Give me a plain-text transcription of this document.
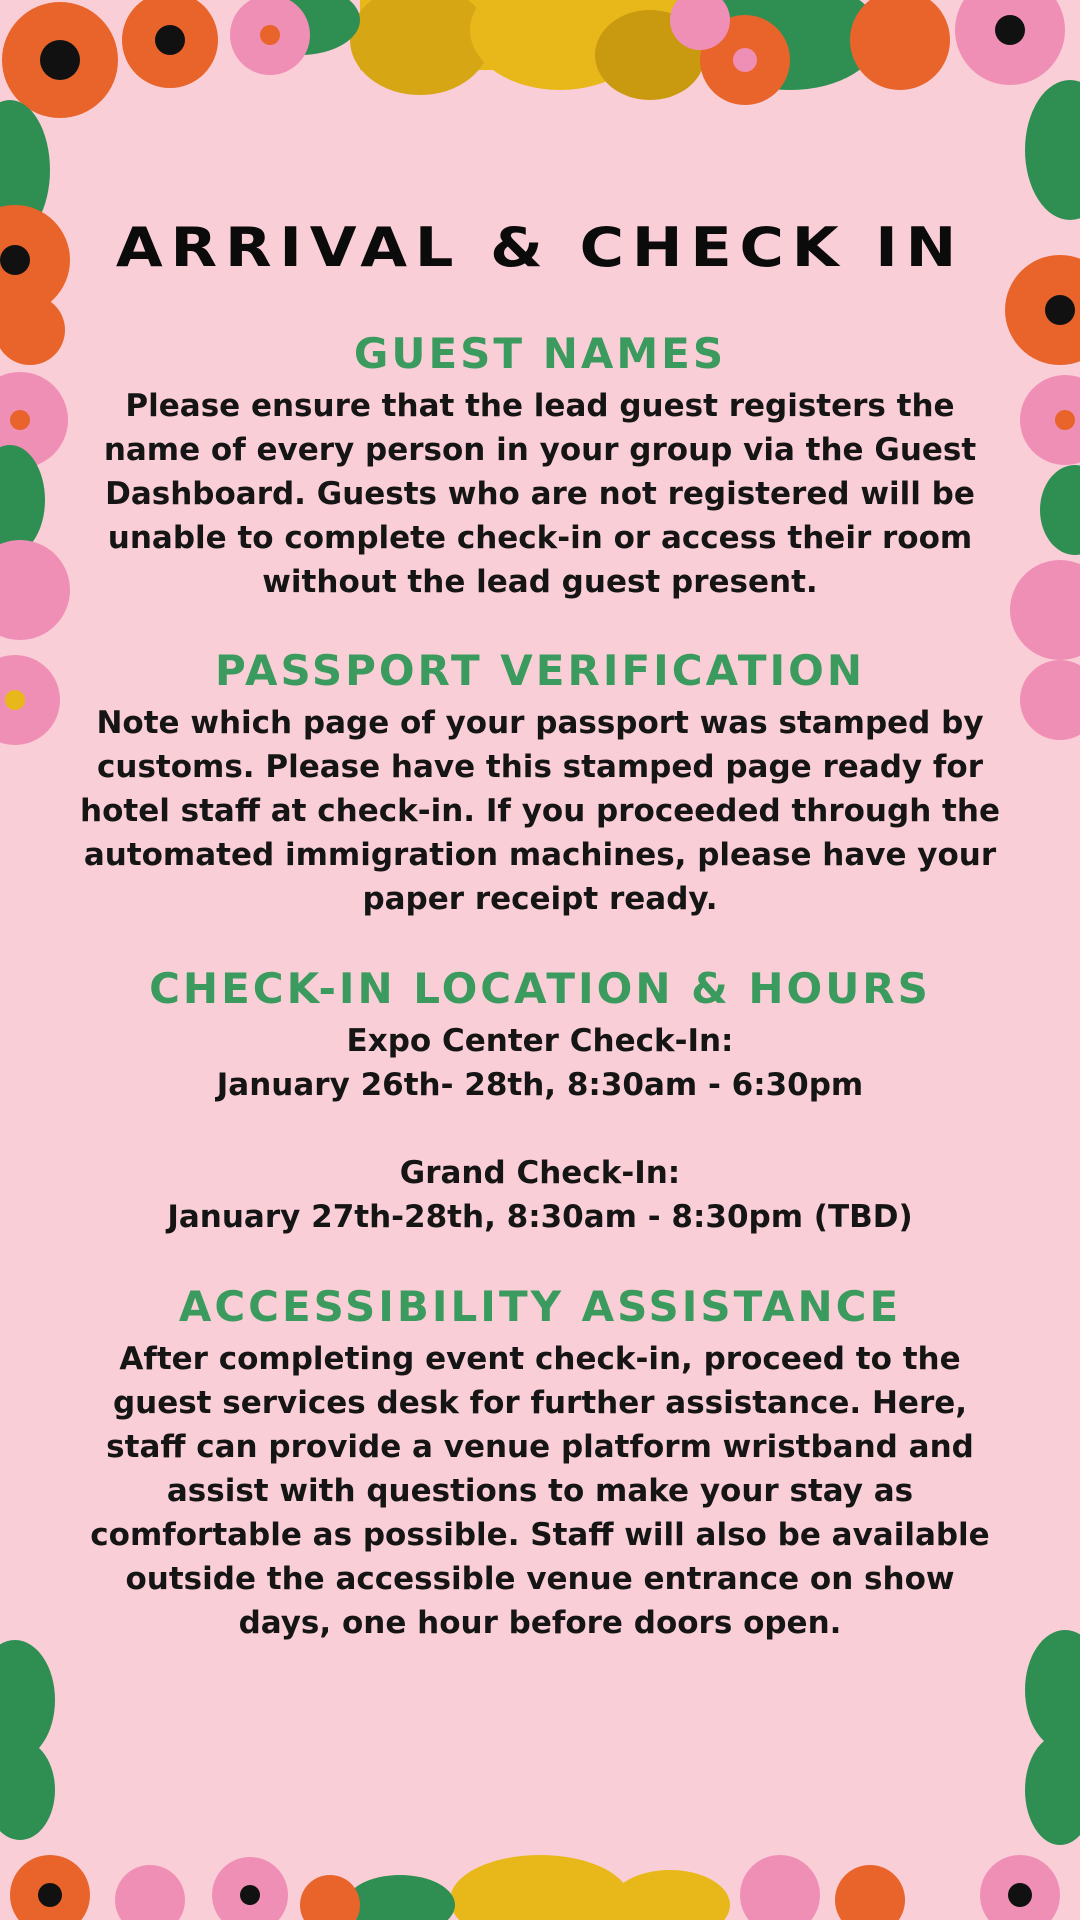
ARRIVAL & CHECK IN
GUEST NAMES

Please ensure that the lead guest registers the name of every person in your group via the Guest Dashboard. Guests who are not registered will be unable to complete check-in or access their room without the lead guest present.

PASSPORT VERIFICATION

Note which page of your passport was stamped by customs. Please have this stamped page ready for hotel staff at check-in. If you proceeded through the automated immigration machines, please have your paper receipt ready.

CHECK-IN LOCATION & HOURS

Expo Center Check-In:

January 26th- 28th, 8:30am - 6:30pm

Grand Check-In:

January 27th-28th, 8:30am - 8:30pm (TBD)

ACCESSIBILITY ASSISTANCE

After completing event check-in, proceed to the guest services desk for further assistance. Here, staff can provide a venue platform wristband and assist with questions to make your stay as comfortable as possible. Staff will also be available outside the accessible venue entrance on show days, one hour before doors open.
